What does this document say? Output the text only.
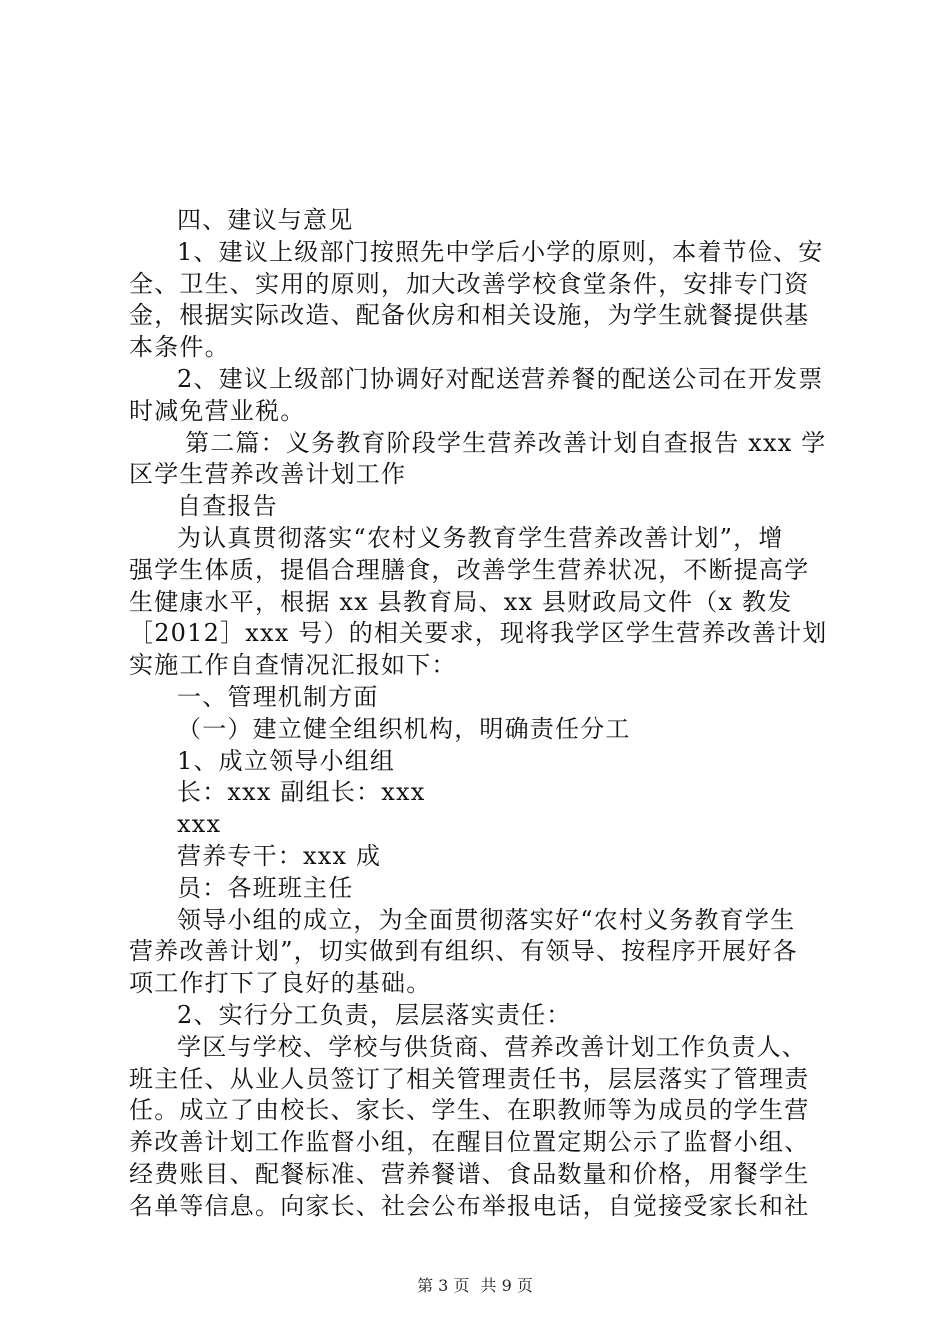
四、建议与意见
1、建议上级部门按照先中学后小学的原则，本着节俭、安
全、卫生、实用的原则，加大改善学校食堂条件，安排专门资
金，根据实际改造、配备伙房和相关设施，为学生就餐提供基
本条件。
2、建议上级部门协调好对配送营养餐的配送公司在开发票
时减免营业税。
第二篇：义务教育阶段学生营养改善计划自查报告 xxx 学
区学生营养改善计划工作
自查报告
为认真贯彻落实“农村义务教育学生营养改善计划”，增
强学生体质，提倡合理膳食，改善学生营养状况，不断提高学
生健康水平，根据 xx 县教育局、xx 县财政局文件（x 教发
［2012］xxx 号）的相关要求，现将我学区学生营养改善计划
实施工作自查情况汇报如下：
一、管理机制方面
（一）建立健全组织机构，明确责任分工
1、成立领导小组组
长：xxx 副组长：xxx
xxx
营养专干：xxx 成
员：各班班主任
领导小组的成立，为全面贯彻落实好“农村义务教育学生
营养改善计划”，切实做到有组织、有领导、按程序开展好各
项工作打下了良好的基础。
2、实行分工负责，层层落实责任：
学区与学校、学校与供货商、营养改善计划工作负责人、
班主任、从业人员签订了相关管理责任书，层层落实了管理责
任。成立了由校长、家长、学生、在职教师等为成员的学生营
养改善计划工作监督小组，在醒目位置定期公示了监督小组、
经费账目、配餐标准、营养餐谱、食品数量和价格，用餐学生
名单等信息。向家长、社会公布举报电话，自觉接受家长和社
第 3 页 共 9 页
